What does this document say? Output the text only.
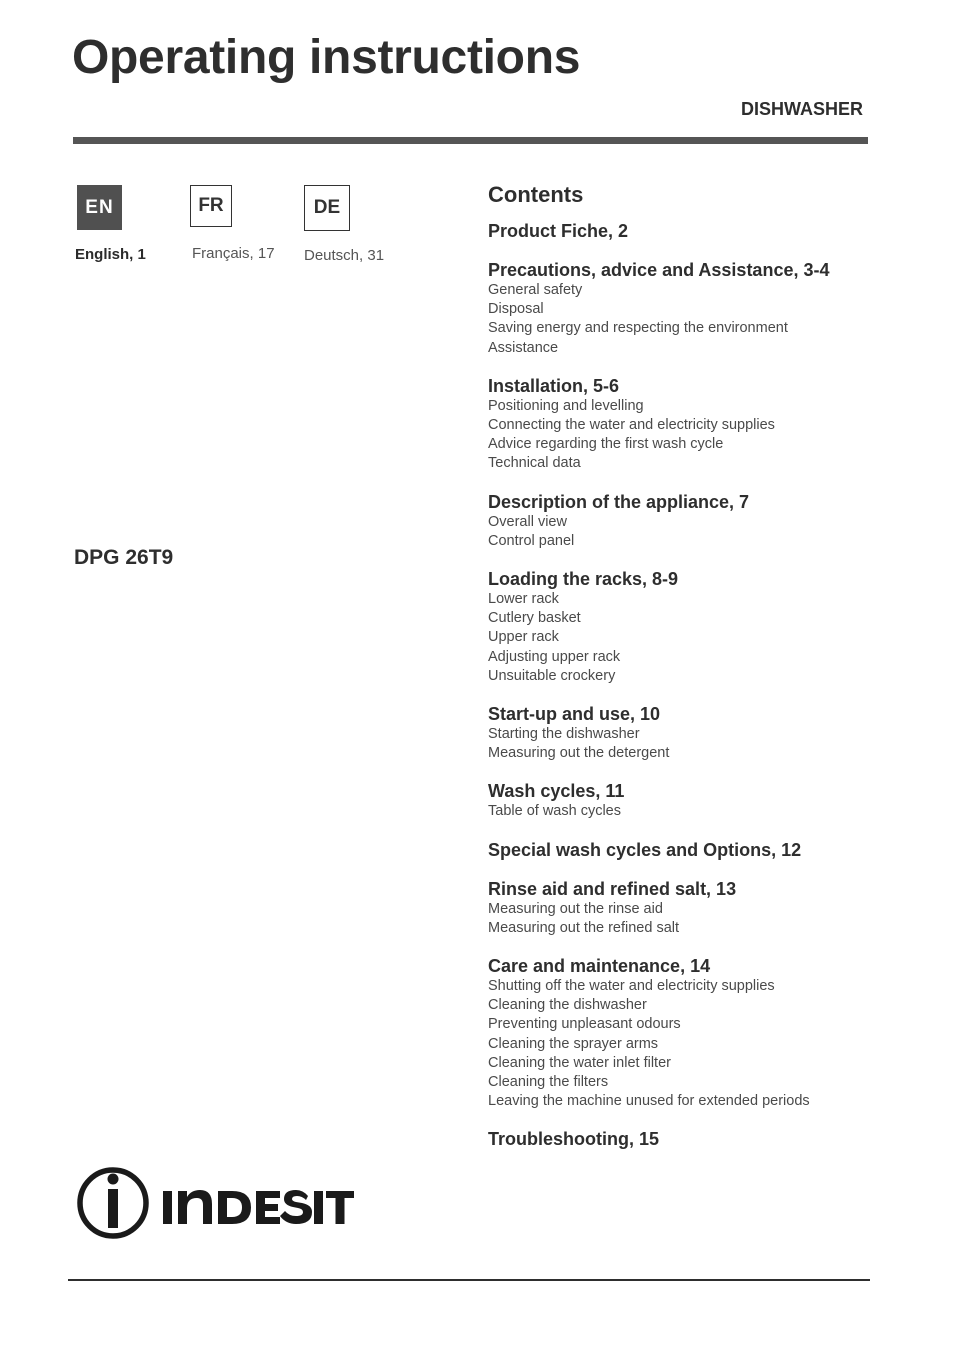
Operating instructions
DISHWASHER
EN
English, 1
FR
Français, 17
DE
Deutsch, 31
DPG 26T9
Contents
Product Fiche, 2
Precautions, advice and Assistance, 3-4
General safety
Disposal
Saving energy and respecting the environment
Assistance
Installation, 5-6
Positioning and levelling
Connecting the water and electricity supplies
Advice regarding the first wash cycle
Technical data
Description of the appliance, 7
Overall view
Control panel
Loading the racks, 8-9
Lower rack
Cutlery basket
Upper rack
Adjusting upper rack
Unsuitable crockery
Start-up and use, 10
Starting the dishwasher
Measuring out the detergent
Wash cycles, 11
Table of wash cycles
Special wash cycles and Options, 12
Rinse aid and refined salt, 13
Measuring out the rinse aid
Measuring out the refined salt
Care and maintenance, 14
Shutting off the water and electricity supplies
Cleaning the dishwasher
Preventing unpleasant odours
Cleaning the sprayer arms
Cleaning the water inlet filter
Cleaning the filters
Leaving the machine unused for extended periods
Troubleshooting, 15
